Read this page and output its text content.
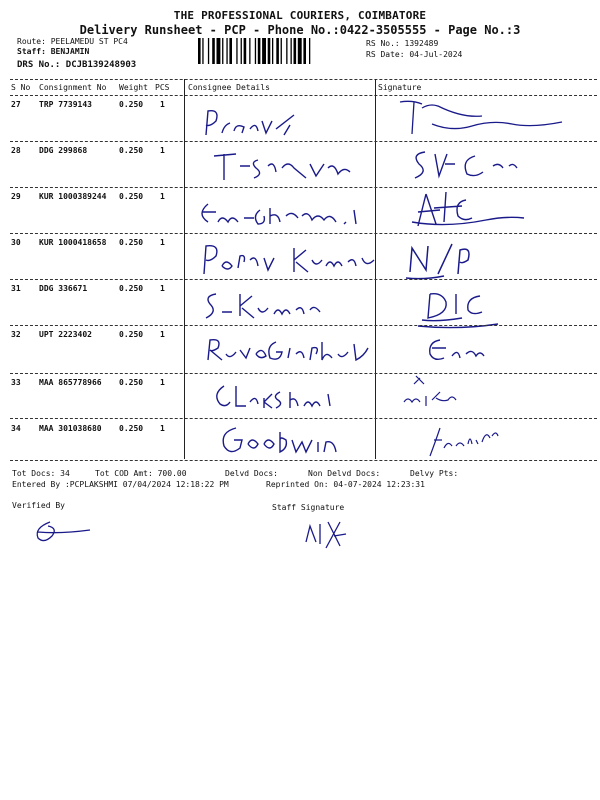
THE PROFESSIONAL COURIERS, COIMBATORE
Delivery Runsheet - PCP - Phone No.:0422-3505555 - Page No.:3
Route: PEELAMEDU ST PC4
Staff: BENJAMIN
DRS No.: DCJB139248903
RS No.: 1392489
RS Date: 04-Jul-2024
S No Consignment No Weight PCS Consignee Details	Signature
27 TRP 7739143	0.250 1
28 DDG 299868	0.250 1
29 KUR 1000389244 0.250 1
30 KUR 1000418658 0.250 1
31 DDG 336671	0.250 1
32 UPT 2223402	0.250 1
33 MAA 865778966 0.250 1
34 MAA 301038680 0.250 1
Tot Docs: 34	Tot COD Amt: 700.00	Delvd Docs:	Non Delvd Docs:	Delvy Pts:
Entered By :PCPLAKSHMI 07/04/2024 12:18:22 PM	Reprinted On: 04-07-2024 12:23:31
Verified By	Staff Signature
